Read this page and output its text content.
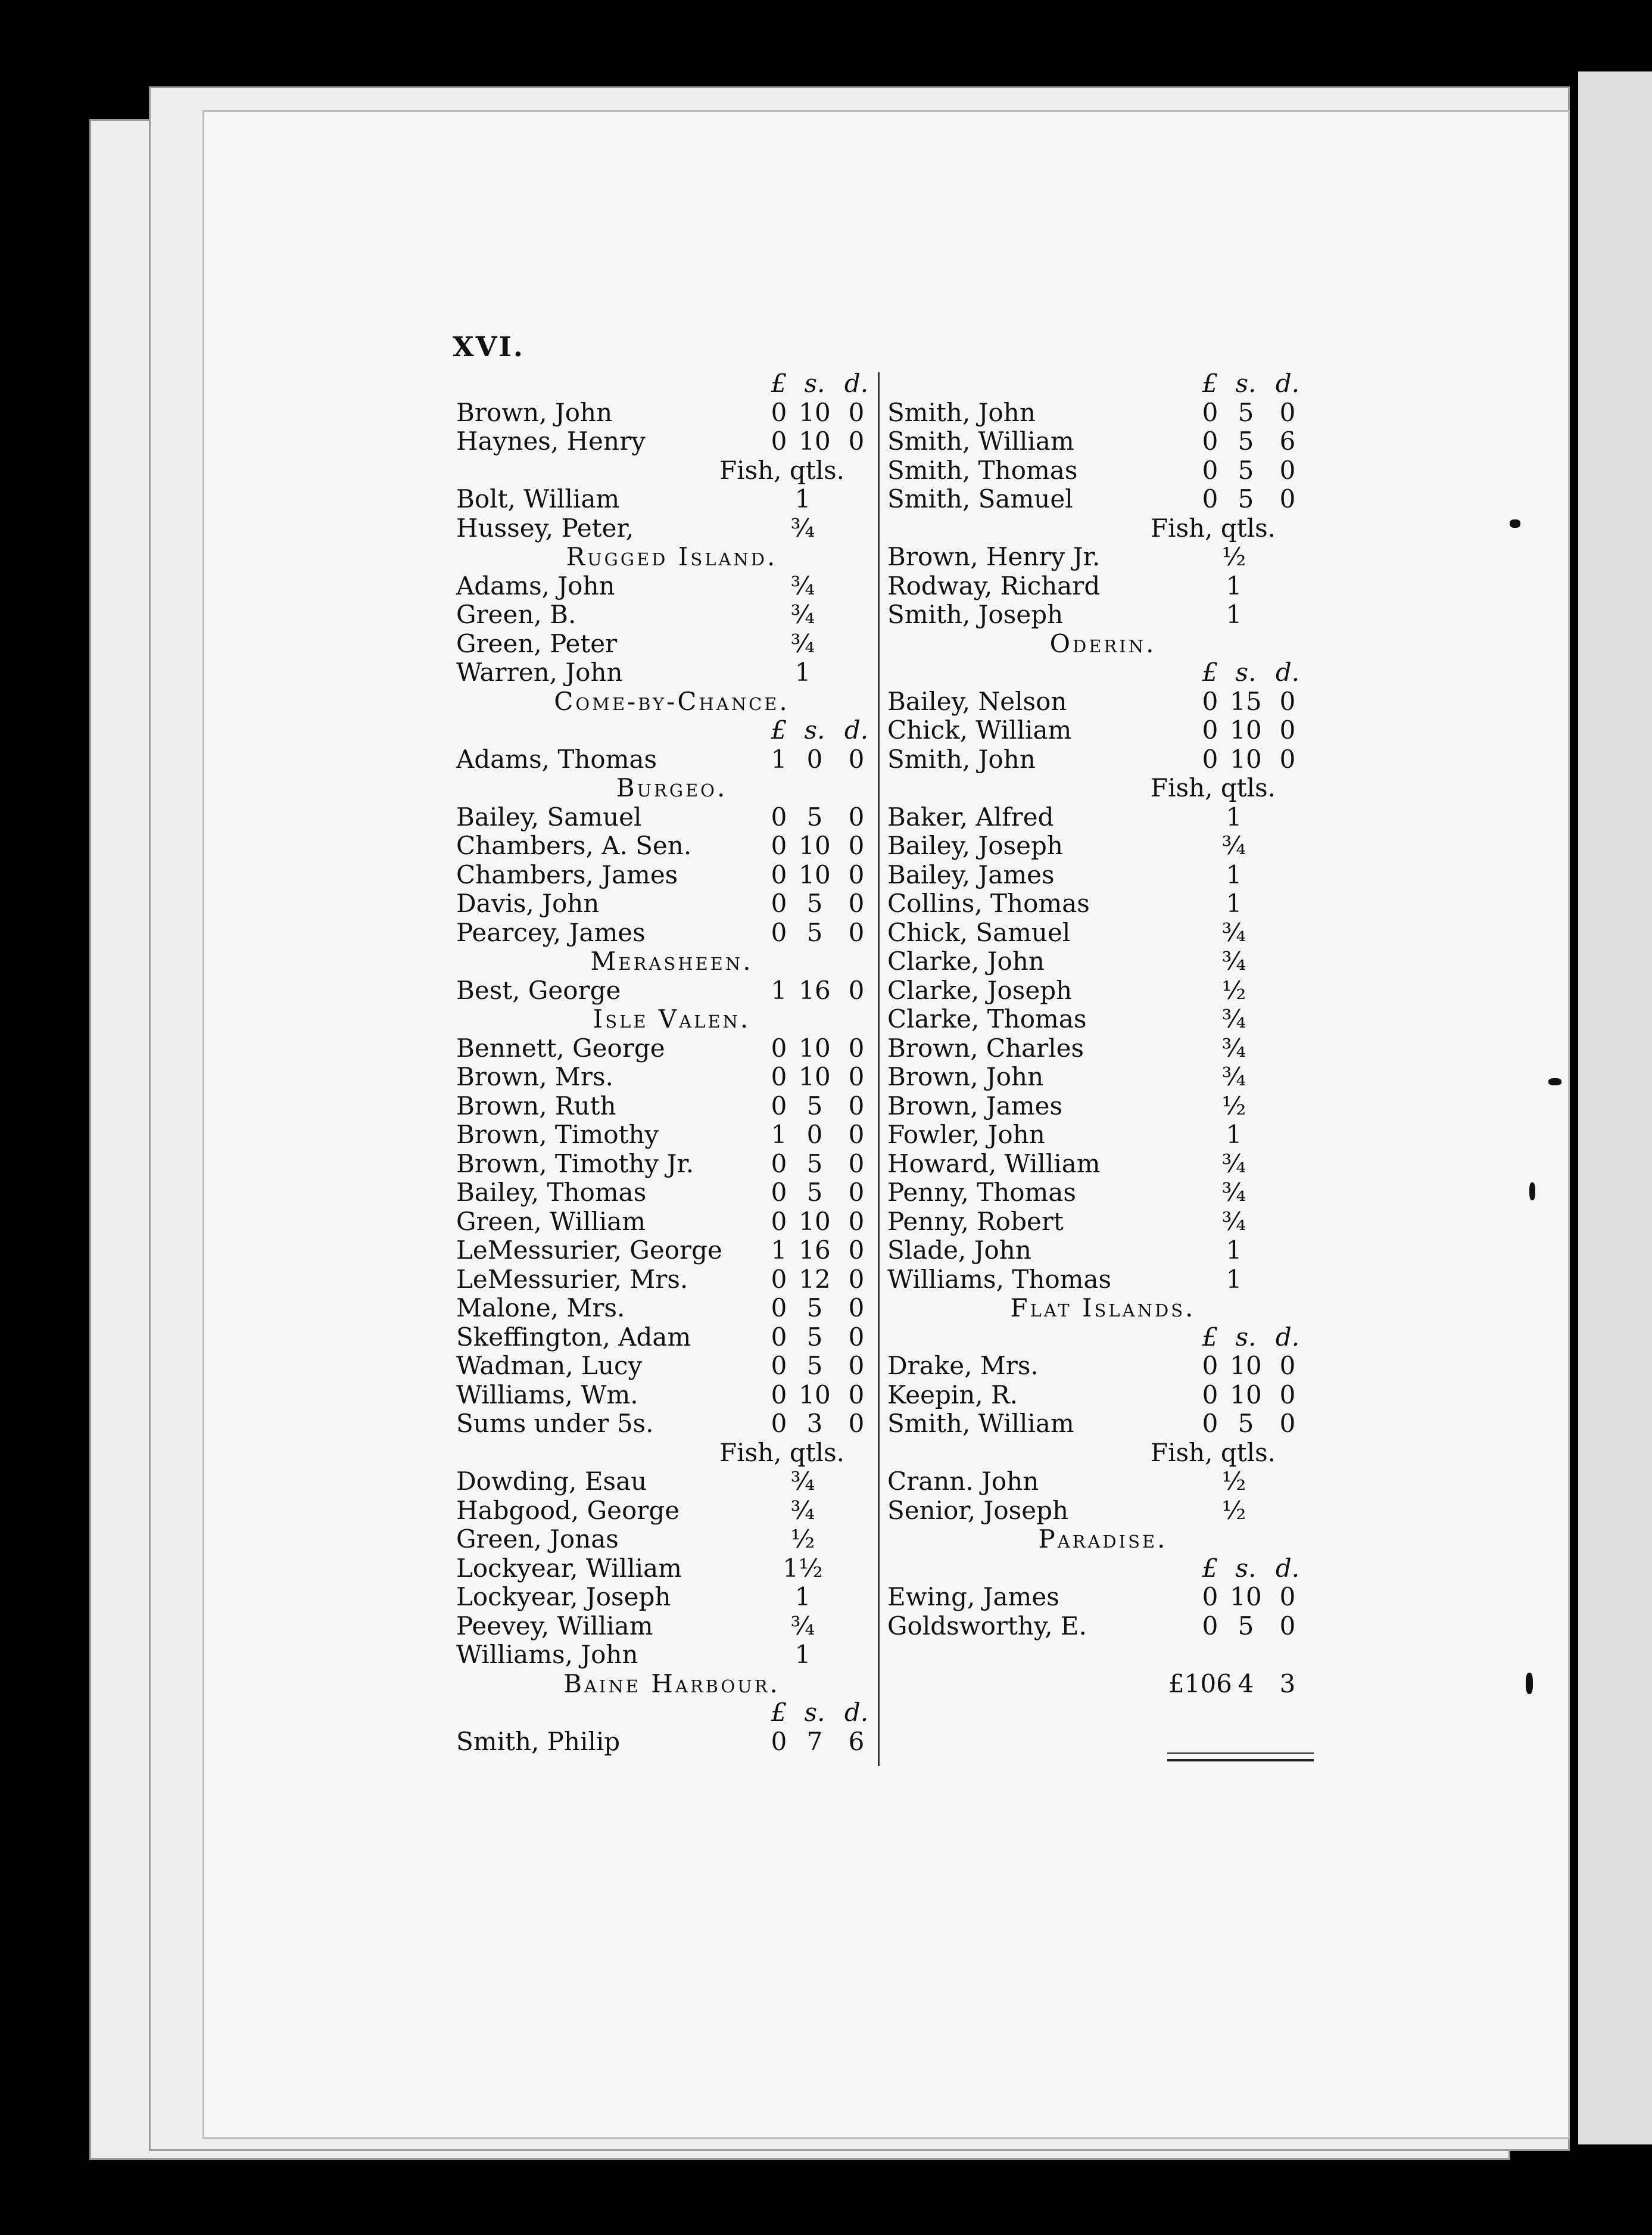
XVI.
£ s. d.
Brown, John	0 10 0
Haynes, Henry	0 10 0
Fish, qtls.
Bolt, William	1
Hussey, Peter,	¾
Rugged Island.
Adams, John	¾
Green, B.	¾
Green, Peter	¾
Warren, John	1
Come-by-Chance.
£ s. d.
Adams, Thomas	1 0	0
Burgeo.
Bailey, Samuel	0 5	0
Chambers, A. Sen.	0 10 0
Chambers, James	0 10 0
Davis, John	0 5	0
Pearcey, James	0 5	0
Merasheen.
Best, George	1 16 0
Isle Valen.
Bennett, George	0 10 0
Brown, Mrs.	0 10 0
Brown, Ruth	0 5	0
Brown, Timothy	1 0	0
Brown, Timothy Jr.	0 5	0
Bailey, Thomas	0 5	0
Green, William	0 10 0
LeMessurier, George	1 16 0
LeMessurier, Mrs.	0 12 0
Malone, Mrs.	0 5	0
Skeffington, Adam	0 5	0
Wadman, Lucy	0 5	0
Williams, Wm.	0 10 0
Sums under 5s.	0 3	0
Fish, qtls.
Dowding, Esau	¾
Habgood, George	¾
Green, Jonas	½
Lockyear, William	1½
Lockyear, Joseph	1
Peevey, William	¾
Williams, John	1
Baine Harbour.
£ s. d.
Smith, Philip	0 7	6
£ s. d.
Smith, John	0 5	0
Smith, William	0 5	6
Smith, Thomas	0 5	0
Smith, Samuel	0 5	0
Fish, qtls.
Brown, Henry Jr.	½
Rodway, Richard	1
Smith, Joseph	1
Oderin.
£ s. d.
Bailey, Nelson	0 15 0
Chick, William	0 10 0
Smith, John	0 10 0
Fish, qtls.
Baker, Alfred	1
Bailey, Joseph	¾
Bailey, James	1
Collins, Thomas	1
Chick, Samuel	¾
Clarke, John	¾
Clarke, Joseph	½
Clarke, Thomas	¾
Brown, Charles	¾
Brown, John	¾
Brown, James	½
Fowler, John	1
Howard, William	¾
Penny, Thomas	¾
Penny, Robert	¾
Slade, John	1
Williams, Thomas	1
Flat Islands.
£ s. d.
Drake, Mrs.	0 10 0
Keepin, R.	0 10 0
Smith, William	0 5	0
Fish, qtls.
Crann. John	½
Senior, Joseph	½
Paradise.
£ s. d.
Ewing, James	0 10 0
Goldsworthy, E.	0 5	0
£106 4	3
